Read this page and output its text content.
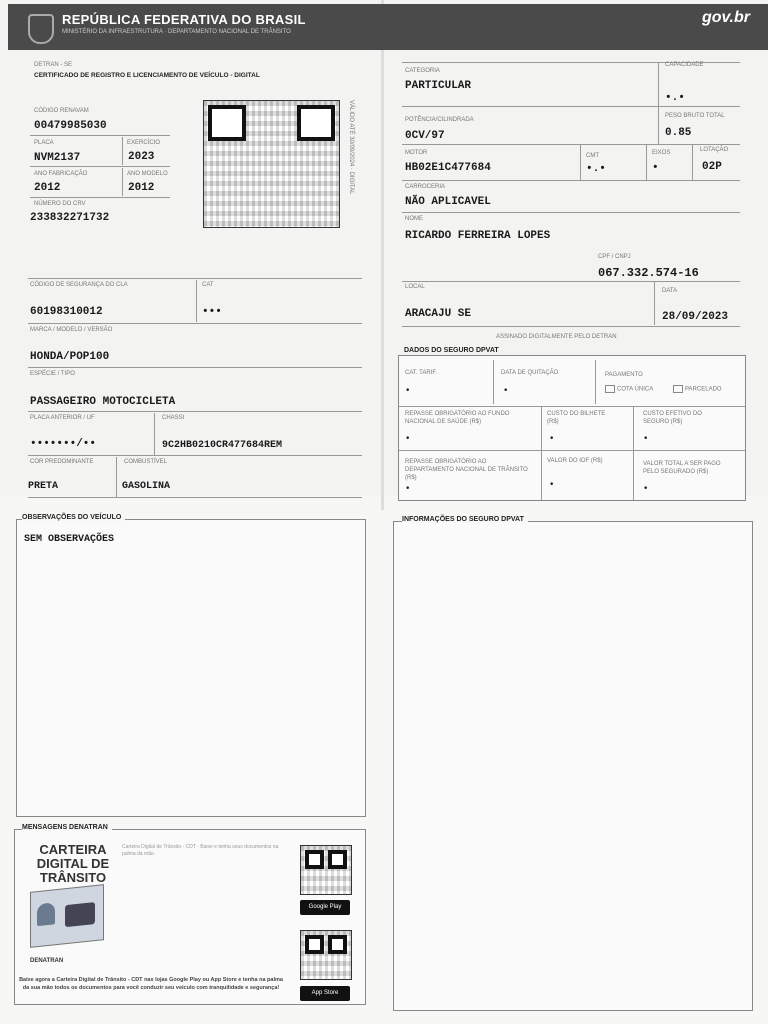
REPÚBLICA FEDERATIVA DO BRASIL
MINISTÉRIO DA INFRAESTRUTURA · DEPARTAMENTO NACIONAL DE TRÂNSITO
gov.br
DETRAN - SE
CERTIFICADO DE REGISTRO E LICENCIAMENTO DE VEÍCULO - DIGITAL
CÓDIGO RENAVAM
00479985030
PLACA
NVM2137
EXERCÍCIO
2023
ANO FABRICAÇÃO
2012
ANO MODELO
2012
NÚMERO DO CRV
233832271732
VÁLIDO ATÉ 30/09/2024 · DIGITAL
CÓDIGO DE SEGURANÇA DO CLA
60198310012
CAT
•••
MARCA / MODELO / VERSÃO
HONDA/POP100
ESPÉCIE / TIPO
PASSAGEIRO MOTOCICLETA
PLACA ANTERIOR / UF
•••••••/••
CHASSI
9C2HB0210CR477684REM
COR PREDOMINANTE
PRETA
COMBUSTÍVEL
GASOLINA
CATEGORIA
PARTICULAR
CAPACIDADE
•.•
POTÊNCIA/CILINDRADA
0CV/97
PESO BRUTO TOTAL
0.85
MOTOR
HB02E1C477684
CMT
•.•
EIXOS
•
LOTAÇÃO
02P
CARROCERIA
NÃO APLICAVEL
NOME
RICARDO FERREIRA LOPES
CPF / CNPJ
067.332.574-16
LOCAL
ARACAJU SE
DATA
28/09/2023
ASSINADO DIGITALMENTE PELO DETRAN
DADOS DO SEGURO DPVAT
CAT. TARIF.
•
DATA DE QUITAÇÃO
•
PAGAMENTO
COTA ÚNICA	PARCELADO
REPASSE OBRIGATÓRIO AO FUNDO NACIONAL DE SAÚDE (R$)
•
CUSTO DO BILHETE (R$)
•
CUSTO EFETIVO DO SEGURO (R$)
•
REPASSE OBRIGATÓRIO AO DEPARTAMENTO NACIONAL DE TRÂNSITO (R$)
•
VALOR DO IOF (R$)
•
VALOR TOTAL A SER PAGO PELO SEGURADO (R$)
•
OBSERVAÇÕES DO VEÍCULO
SEM OBSERVAÇÕES
INFORMAÇÕES DO SEGURO DPVAT
MENSAGENS DENATRAN
CARTEIRA
DIGITAL DE
TRÂNSITO
DENATRAN
Carteira Digital de Trânsito - CDT · Baixe e tenha seus documentos na palma da mão.
Google Play
App Store
Baixe agora a Carteira Digital de Trânsito - CDT nas lojas Google Play ou App Store e tenha na palma da sua mão todos os documentos para você conduzir seu veículo com tranquilidade e segurança!
